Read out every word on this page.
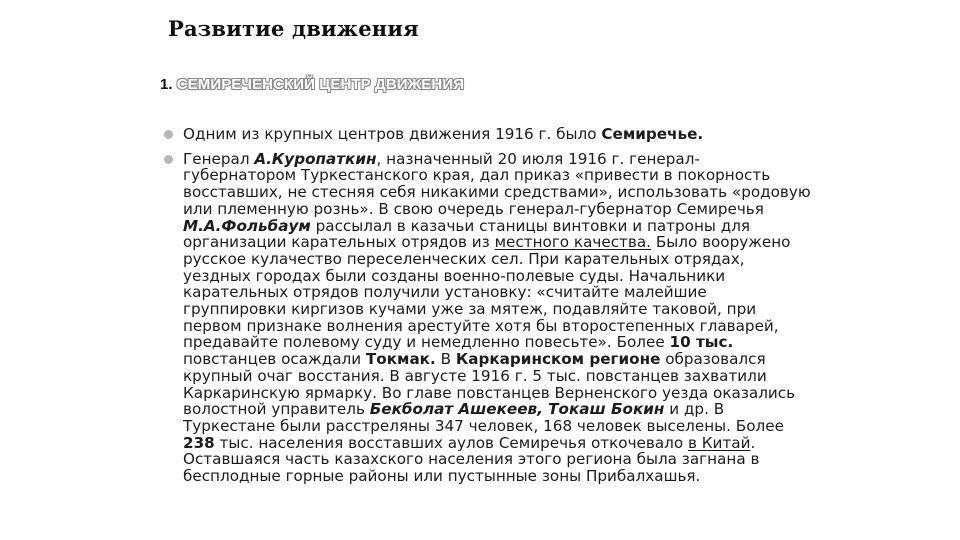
Развитие движения
1. СЕМИРЕЧЕНСКИЙ ЦЕНТР ДВИЖЕНИЯ
Одним из крупных центров движения 1916 г. было Семиречье.
Генерал А.Куропаткин, назначенный 20 июля 1916 г. генерал-губернатором Туркестанского края, дал приказ «привести в покорность восставших, не стесняя себя никакими средствами», использовать «родовую или племенную рознь». В свою очередь генерал-губернатор Семиречья М.А.Фольбаум рассылал в казачьи станицы винтовки и патроны для организации карательных отрядов из местного качества. Было вооружено русское кулачество переселенческих сел. При карательных отрядах, уездных городах были созданы военно-полевые суды. Начальники карательных отрядов получили установку: «считайте малейшие группировки киргизов кучами уже за мятеж, подавляйте таковой, при первом признаке волнения арестуйте хотя бы второстепенных главарей, предавайте полевому суду и немедленно повесьте». Более 10 тыс. повстанцев осаждали Токмак. В Каркаринском регионе образовался крупный очаг восстания. В августе 1916 г. 5 тыс. повстанцев захватили Каркаринскую ярмарку. Во главе повстанцев Верненского уезда оказались волостной управитель Бекболат Ашекеев, Токаш Бокин и др. В Туркестане были расстреляны 347 человек, 168 человек выселены. Более 238 тыс. населения восставших аулов Семиречья откочевало в Китай. Оставшаяся часть казахского населения этого региона была загнана в бесплодные горные районы или пустынные зоны Прибалхашья.
